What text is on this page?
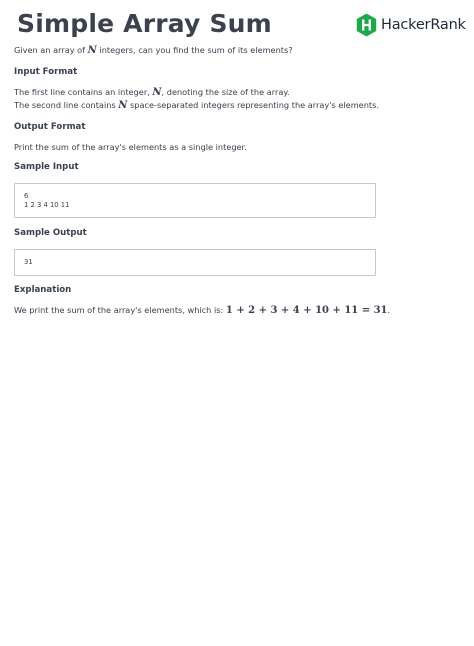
Simple Array Sum	HackerRank

Given an array of N integers, can you find the sum of its elements?

Input Format

The first line contains an integer, N, denoting the size of the array.

The second line contains N space-separated integers representing the array's elements.

Output Format

Print the sum of the array's elements as a single integer.

Sample Input
6
1 2 3 4 10 11
Sample Output
31
Explanation

We print the sum of the array's elements, which is: 1 + 2 + 3 + 4 + 10 + 11 = 31.
